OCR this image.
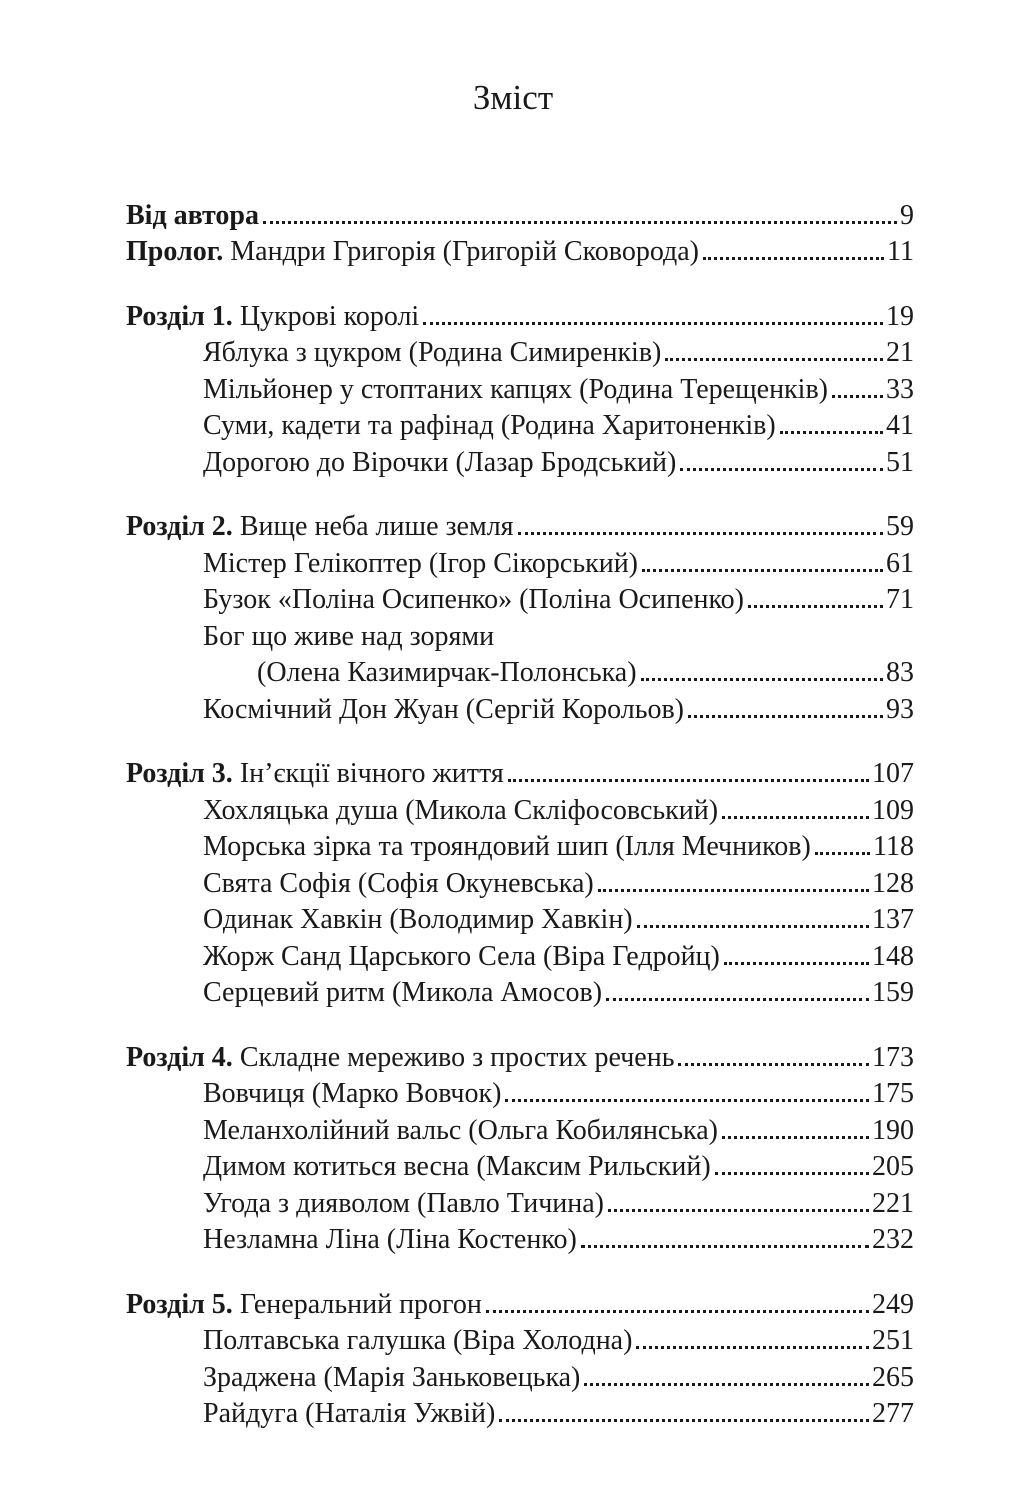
Зміст
Від автора	9
Пролог. Мандри Григорія (Григорій Сковорода)	11
Розділ 1. Цукрові королі	19
Яблука з цукром (Родина Симиренків)	21
Мільйонер у стоптаних капцях (Родина Терещенків) 33
Суми, кадети та рафінад (Родина Харитоненків)	41
Дорогою до Вірочки (Лазар Бродський)	51
Розділ 2. Вище неба лише земля	59
Містер Гелікоптер (Ігор Сікорський)	61
Бузок «Поліна Осипенко» (Поліна Осипенко)	71
Бог що живе над зорями
(Олена Казимирчак-Полонська)	83
Космічний Дон Жуан (Сергій Корольов)	93
Розділ 3. Ін’єкції вічного життя	107
Хохляцька душа (Микола Скліфосовський)	109
Морська зірка та трояндовий шип (Ілля Мечников) 118
Свята Софія (Софія Окуневська)	128
Одинак Хавкін (Володимир Хавкін)	137
Жорж Санд Царського Села (Віра Гедройц)	148
Серцевий ритм (Микола Амосов)	159
Розділ 4. Складне мереживо з простих речень	173
Вовчиця (Марко Вовчок)	175
Меланхолійний вальс (Ольга Кобилянська)	190
Димом котиться весна (Максим Рильский)	205
Угода з дияволом (Павло Тичина)	221
Незламна Ліна (Ліна Костенко)	232
Розділ 5. Генеральний прогон	249
Полтавська галушка (Віра Холодна)	251
Зраджена (Марія Заньковецька)	265
Райдуга (Наталія Ужвій)	277
